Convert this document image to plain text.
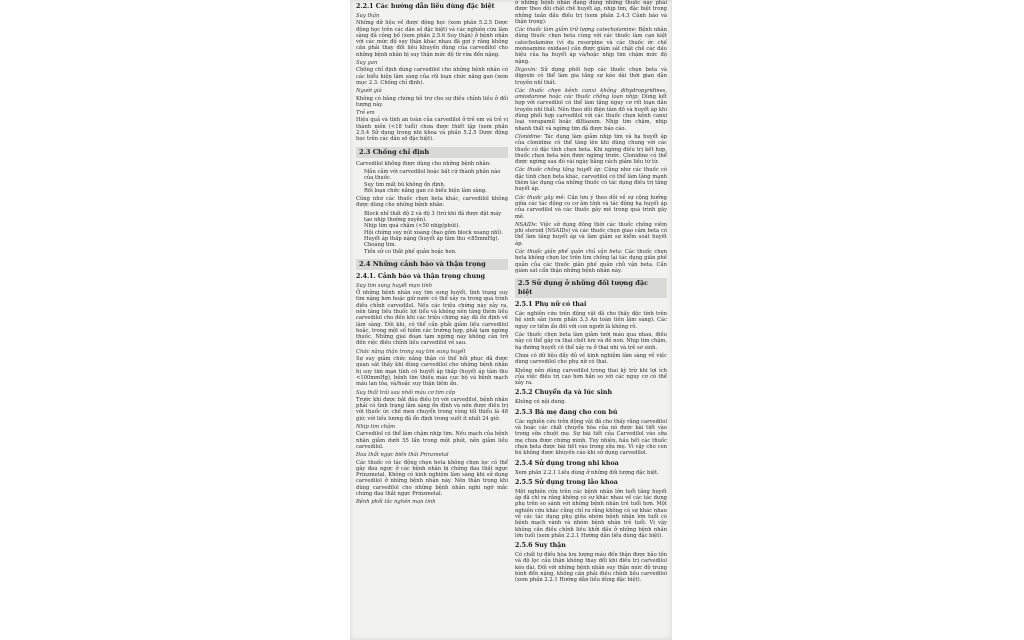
2.2.1 Các hướng dẫn liều dùng đặc biệt
Suy thận

Những dữ liệu về được động học (xem phần 5.2.5 Dược động học trên các dân số đặc biệt) và các nghiên cứu lâm sàng đã công bố (xem phần 2.5.6 Suy thận) ở bệnh nhân với các mức độ suy thận khác nhau đã gợi ý rằng không cần phải thay đổi liều khuyến dùng của carvedilol cho những bệnh nhân bị suy thận mức độ từ vừa đến nặng.

Suy gan

Chống chỉ định dùng carvedilol cho những bệnh nhân có các biểu hiện lâm sàng của rối loạn chức năng gan (xem mục 2.3. Chống chỉ định).

Người già

Không có bằng chứng hỗ trợ cho sự điều chỉnh liều ở đối tượng này.

Trẻ em

Hiệu quả và tính an toàn của carvedilol ở trẻ em và trẻ vị thành niên (<18 tuổi) chưa được thiết lập (xem phần 2.5.4 Sử dụng trong nhi khoa và phần 5.2.5 Dược động học trên các dân số đặc biệt).

2.3 Chống chỉ định

Carvedilol không được dùng cho những bệnh nhân:

• Mẫn cảm với carvedilol hoặc bất cứ thành phần nào của thuốc.
• Suy tim mất bù không ổn định.
• Rối loạn chức năng gan có biểu hiện lâm sàng.

Cũng như các thuốc chẹn beta khác, carvedilol không được dùng cho những bệnh nhân:

• Block nhĩ thất độ 2 và độ 3 (trừ khi đã được đặt máy tạo nhịp thường xuyên).
• Nhịp tim quá chậm (<50 nhịp/phút).
• Hội chứng suy nút xoang (bao gồm block xoang nhĩ).
• Huyết áp thấp nặng (huyết áp tâm thu <85mmHg).
• Choáng tim.
• Tiền sử co thắt phế quản hoặc hen.
2.4 Những cảnh báo và thận trọng
2.4.1. Cảnh báo và thận trọng chung
Suy tim sung huyết mạn tính

Ở những bệnh nhân suy tim sung huyết, tình trạng suy tim nặng hơn hoặc giữ nước có thể xảy ra trong quá trình điều chỉnh carvedilol. Nếu các triệu chứng này xảy ra, nên tăng liều thuốc lợi tiểu và không nên tăng thêm liều carvedilol cho đến khi các triệu chứng này đã ổn định về lâm sàng. Đôi khi, có thể cần phải giảm liều carvedilol hoặc, trong một số hiếm các trường hợp, phải tạm ngừng thuốc. Những giai đoạn tạm ngừng này không cản trở đến việc điều chỉnh liều carvedilol về sau.

Chức năng thận trong suy tim sung huyết

Sự suy giảm chức năng thận có thể hồi phục đã được quan sát thấy khi dùng carvedilol cho những bệnh nhân bị suy tim mạn tính có huyết áp thấp (huyết áp tâm thu <100mmHg), bệnh tim thiếu máu cục bộ và bệnh mạch máu lan tỏa, và/hoặc suy thận tiềm ẩn.

Suy thất trái sau nhồi máu cơ tim cấp

Trước khi được bắt đầu điều trị với carvedilol, bệnh nhân phải có tình trạng lâm sàng ổn định và nên được điều trị với thuốc ức chế men chuyển trong vòng tối thiểu là 48 giờ, với liều lượng đã ổn định trong suốt ít nhất 24 giờ.

Nhịp tim chậm

Carvedilol có thể làm chậm nhịp tim. Nếu mạch của bệnh nhân giảm dưới 55 lần trong một phút, nên giảm liều carvedilol.

Đau thắt ngực biến thái Prinzmetal

Các thuốc có tác động chẹn beta không chọn lọc có thể gây đau ngực ở các bệnh nhân bị chứng đau thắt ngực Prinzmetal. Không có kinh nghiệm lâm sàng khi sử dụng carvedilol ở những bệnh nhân này. Nên thận trọng khi dùng carvedilol cho những bệnh nhân nghi ngờ mắc chứng đau thắt ngực Prinzmetal.

Bệnh phổi tắc nghẽn mạn tính

ở những bệnh nhân đang dùng những thuốc này phải được theo dõi chặt chẽ huyết áp, nhịp tim, đặc biệt trong những tuần đầu điều trị (xem phần 2.4.3 Cảnh báo và thận trọng).

Các thuốc làm giảm trữ lượng catecholamine: Bệnh nhân dùng thuốc chẹn beta cùng với các thuốc làm cạn kiệt catecholamine (ví dụ reserpine và các thuốc ức chế monoamine oxidase) cần được giám sát chặt chẽ các dấu hiệu của hạ huyết áp và/hoặc nhịp tim chậm mức độ nặng.

Digoxin: Sử dụng phối hợp các thuốc chẹn beta và digoxin có thể làm gia tăng sự kéo dài thời gian dẫn truyền nhĩ thất.

Các thuốc chẹn kênh canxi không dihydropyridines, amiodarone hoặc các thuốc chống loạn nhịp: Dùng kết hợp với carvedilol có thể làm tăng nguy cơ rối loạn dẫn truyền nhĩ thất. Nên theo dõi điện tâm đồ và huyết áp khi dùng phối hợp carvedilol với các thuốc chẹn kênh canxi loại verapamil hoặc diltiazem. Nhịp tim chậm, nhịp nhanh thất và ngừng tim đã được báo cáo.

Clonidine: Tác dụng làm giảm nhịp tim và hạ huyết áp của clonidine có thể tăng lên khi dùng chung với các thuốc có đặc tính chẹn beta. Khi ngừng điều trị kết hợp, thuốc chẹn beta nên được ngừng trước. Clonidine có thể được ngừng sau đó vài ngày bằng cách giảm liều từ từ.

Các thuốc chống tăng huyết áp: Cũng như các thuốc có đặc tính chẹn beta khác, carvedilol có thể làm tăng mạnh thêm tác dụng của những thuốc có tác dụng điều trị tăng huyết áp.

Các thuốc gây mê: Cần lưu ý theo dõi về sự cộng hưởng giữa các tác động co cơ âm tính và tác động hạ huyết áp của carvedilol và các thuốc gây mê trong quá trình gây mê.

NSAIDs: Việc sử dụng đồng thời các thuốc chống viêm phi steroid (NSAIDs) và các thuốc chẹn giao cảm beta có thể làm tăng huyết áp và làm giảm sự kiểm soát huyết áp.

Các thuốc giãn phế quản chủ vận beta: Các thuốc chẹn beta không chọn lọc trên tim chống lại tác dụng giãn phế quản của các thuốc giãn phế quản chủ vận beta. Cần giám sát cẩn thận những bệnh nhân này.

2.5 Sử dụng ở những đối tượng đặc biệt
2.5.1 Phụ nữ có thai

Các nghiên cứu trên động vật đã cho thấy độc tính trên hệ sinh sản (xem phần 3.3 An toàn tiền lâm sàng). Các nguy cơ tiềm ẩn đối với con người là không rõ.

Các thuốc chẹn beta làm giảm tưới máu qua nhau, điều này có thể gây ra thai chết lưu và đẻ non. Nhịp tim chậm, hạ đường huyết có thể xảy ra ở thai nhi và trẻ sơ sinh.

Chưa có dữ liệu đầy đủ về kinh nghiệm lâm sàng về việc dùng carvedilol cho phụ nữ có thai.

Không nên dùng carvedilol trong thai kỳ trừ khi lợi ích của việc điều trị cao hơn hẳn so với các nguy cơ có thể xảy ra.

2.5.2 Chuyển dạ và lúc sinh

Không có nội dung.

2.5.3 Bà mẹ đang cho con bú

Các nghiên cứu trên động vật đã cho thấy rằng carvedilol và hoặc các chất chuyển hóa của nó được bài tiết vào trong sữa chuột mẹ. Sự bài tiết của Carvedilol vào sữa mẹ chưa được chứng minh. Tuy nhiên, hầu hết các thuốc chẹn beta được bài tiết vào trong sữa mẹ. Vì vậy cho con bú không được khuyến cáo khi sử dụng carvedilol.

2.5.4 Sử dụng trong nhi khoa

Xem phần 2.2.1 Liều dùng ở những đối tượng đặc biệt.

2.5.5 Sử dụng trong lão khoa

Một nghiên cứu trên các bệnh nhân lớn tuổi tăng huyết áp đã chỉ ra rằng không có sự khác nhau về các tác dụng phụ trên so sánh với những bệnh nhân trẻ tuổi hơn. Một nghiên cứu khác cũng chỉ ra rằng không có sự khác nhau về các tác dụng phụ giữa nhóm bệnh nhân lớn tuổi có bệnh mạch vành và nhóm bệnh nhân trẻ tuổi. Vì vậy không cần điều chỉnh liều khởi đầu ở những bệnh nhân lớn tuổi (xem phần 2.2.1 Hướng dẫn liều dùng đặc biệt).

2.5.6 Suy thận

Có chất tự điều hòa lưu lượng máu đến thận được bảo tồn và độ lọc cầu thận không thay đổi khi điều trị carvedilol kéo dài. Đối với những bệnh nhân suy thận mức độ trung bình đến nặng, không cần phải điều chỉnh liều carvedilol (xem phần 2.2.1 Hướng dẫn liều dùng đặc biệt).
